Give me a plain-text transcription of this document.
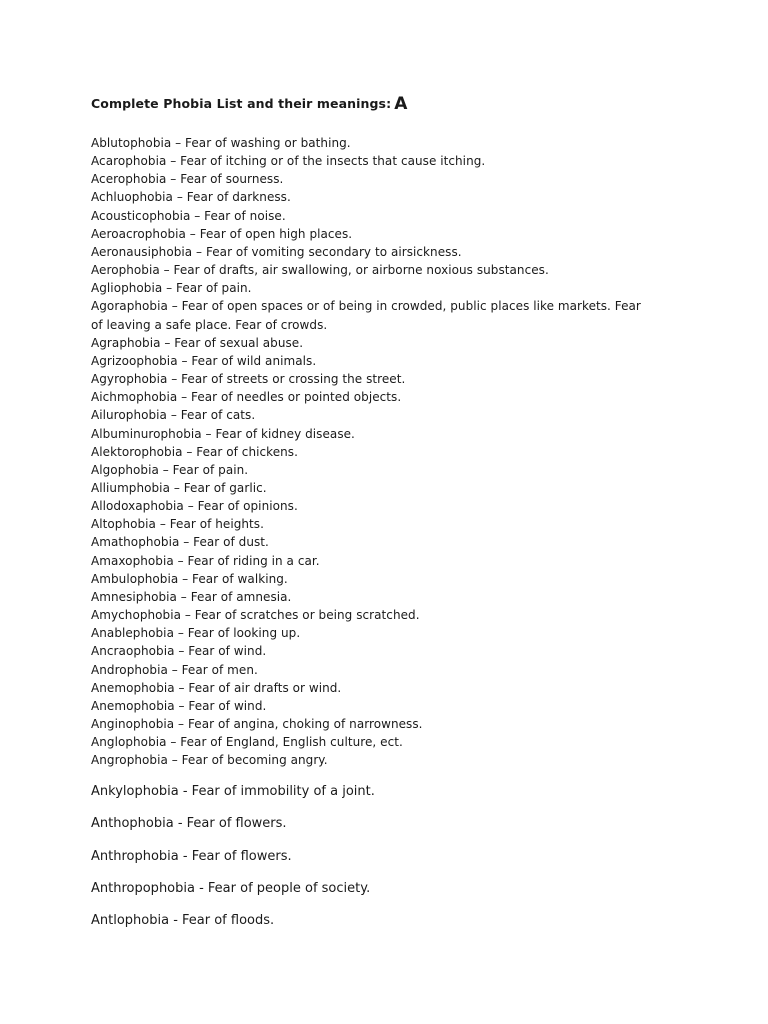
Complete Phobia List and their meanings: A
Ablutophobia – Fear of washing or bathing.
Acarophobia – Fear of itching or of the insects that cause itching.
Acerophobia – Fear of sourness.
Achluophobia – Fear of darkness.
Acousticophobia – Fear of noise.
Aeroacrophobia – Fear of open high places.
Aeronausiphobia – Fear of vomiting secondary to airsickness.
Aerophobia – Fear of drafts, air swallowing, or airborne noxious substances.
Agliophobia – Fear of pain.
Agoraphobia – Fear of open spaces or of being in crowded, public places like markets. Fear
of leaving a safe place. Fear of crowds.
Agraphobia – Fear of sexual abuse.
Agrizoophobia – Fear of wild animals.
Agyrophobia – Fear of streets or crossing the street.
Aichmophobia – Fear of needles or pointed objects.
Ailurophobia – Fear of cats.
Albuminurophobia – Fear of kidney disease.
Alektorophobia – Fear of chickens.
Algophobia – Fear of pain.
Alliumphobia – Fear of garlic.
Allodoxaphobia – Fear of opinions.
Altophobia – Fear of heights.
Amathophobia – Fear of dust.
Amaxophobia – Fear of riding in a car.
Ambulophobia – Fear of walking.
Amnesiphobia – Fear of amnesia.
Amychophobia – Fear of scratches or being scratched.
Anablephobia – Fear of looking up.
Ancraophobia – Fear of wind.
Androphobia – Fear of men.
Anemophobia – Fear of air drafts or wind.
Anemophobia – Fear of wind.
Anginophobia – Fear of angina, choking of narrowness.
Anglophobia – Fear of England, English culture, ect.
Angrophobia – Fear of becoming angry.
Ankylophobia - Fear of immobility of a joint.
Anthophobia - Fear of flowers.
Anthrophobia - Fear of flowers.
Anthropophobia - Fear of people of society.
Antlophobia - Fear of floods.
